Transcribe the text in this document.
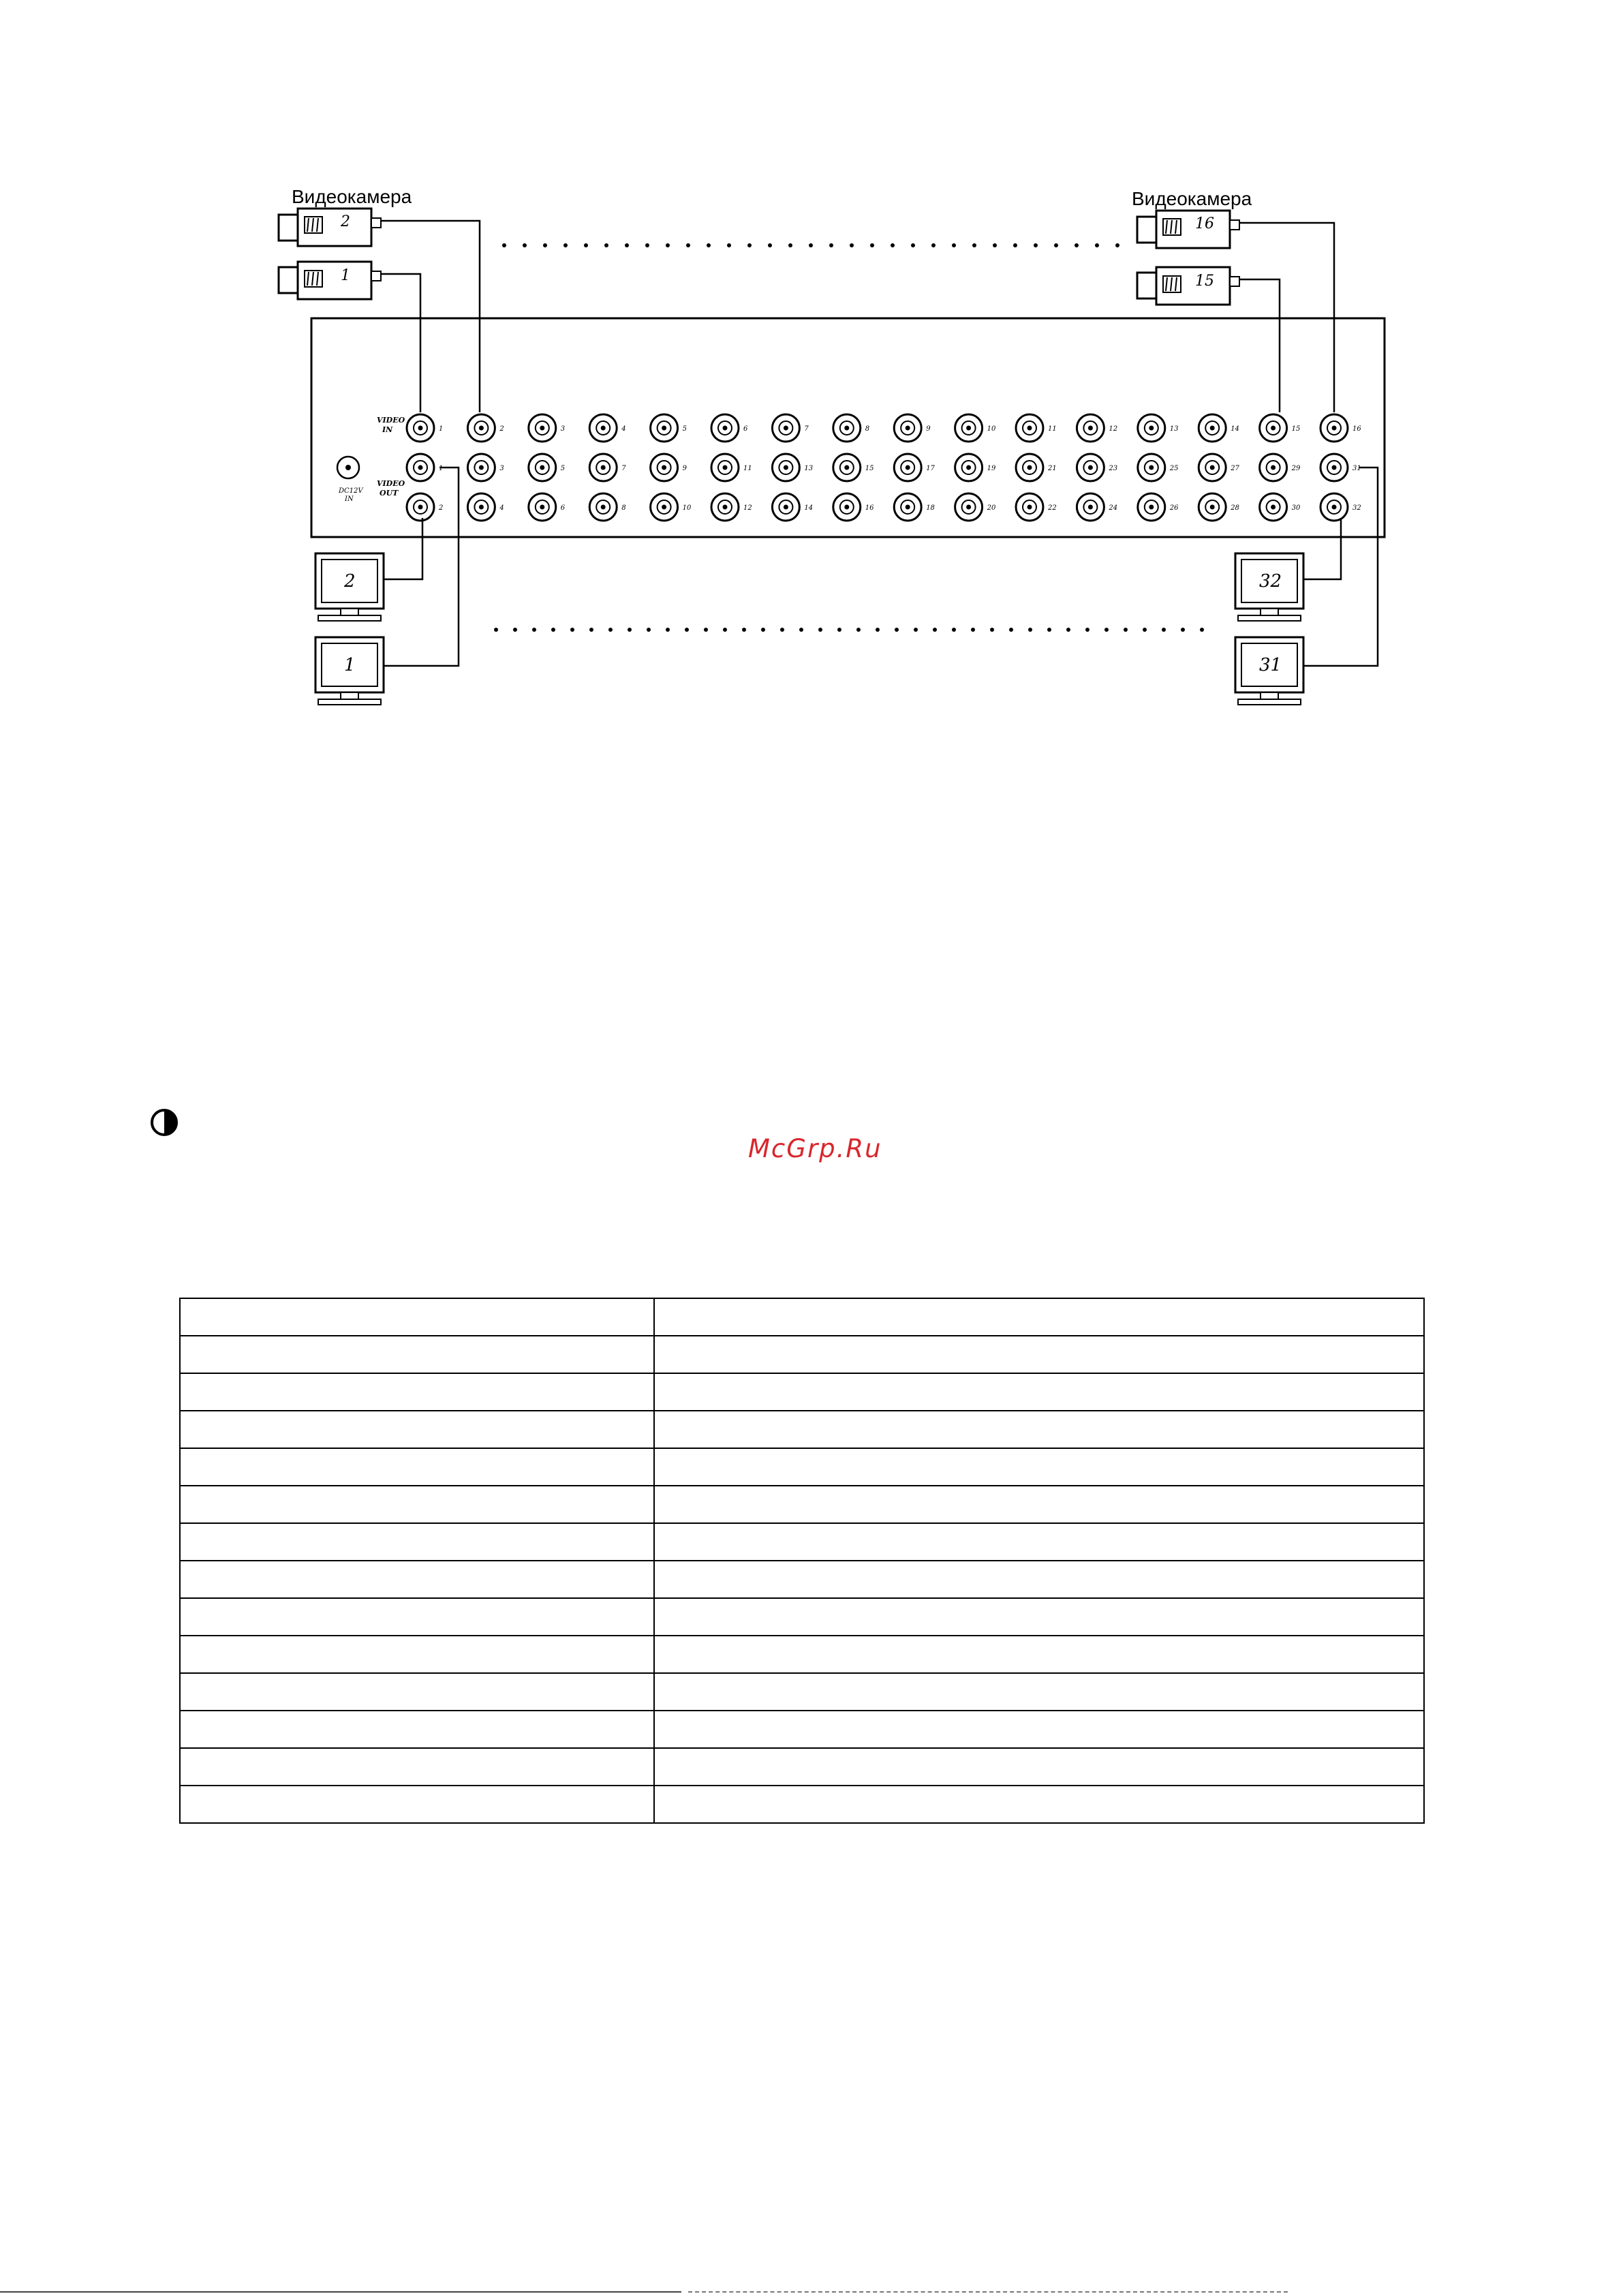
Видеокамера	Видеокамера
2
1
16
15
DC12V
IN
VIDEO
IN
VIDEO
OUT
1	2	3	4	5	6	7	8	9	10	11	12	13	14	15	16
1	3	5	7	9	11	13	15	17	19	21	23	25	27	29	31
2	4	6	8	10	12	14	16	18	20	22	24	26	28	30	32
2
1
32
31
McGrp.Ru
